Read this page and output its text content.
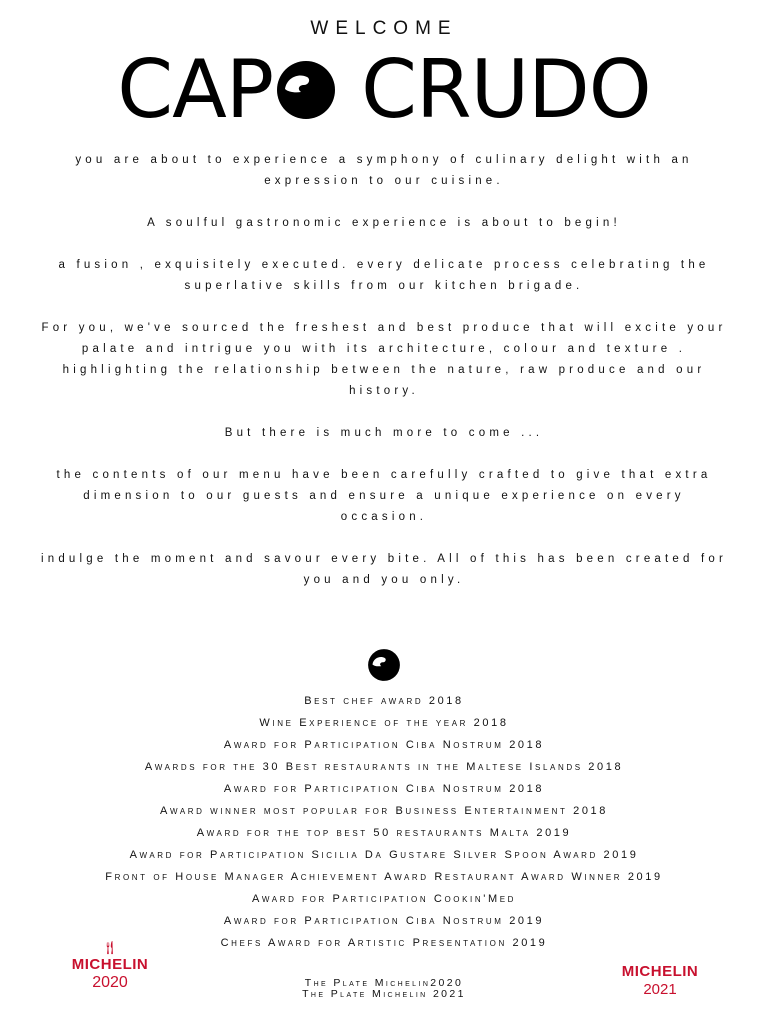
WELCOME
CAP CRUDO

you are about to experience a symphony of culinary delight with an expression to our cuisine.

A soulful gastronomic experience is about to begin!

a fusion , exquisitely executed. every delicate process celebrating the superlative skills from our kitchen brigade.

For you, we've sourced the freshest and best produce that will excite your palate and intrigue you with its architecture, colour and texture . highlighting the relationship between the nature, raw produce and our history.

But there is much more to come ...

the contents of our menu have been carefully crafted to give that extra dimension to our guests and ensure a unique experience on every occasion.

indulge the moment and savour every bite. All of this has been created for you and you only.

Best chef award 2018
Wine Experience of the year 2018
Award for Participation Ciba Nostrum 2018
Awards for the 30 Best restaurants in the Maltese Islands 2018
Award for Participation Ciba Nostrum 2018
Award winner most popular for Business Entertainment 2018
Award for the top best 50 restaurants Malta 2019
Award for Participation Sicilia Da Gustare Silver Spoon Award 2019
Front of House Manager Achievement Award Restaurant Award Winner 2019
Award for Participation Cookin'Med
Award for Participation Ciba Nostrum 2019
Chefs Award for Artistic Presentation 2019
The Plate Michelin2020
The Plate Michelin 2021
🍴︎
MICHELIN
2020
MICHELIN
2021
